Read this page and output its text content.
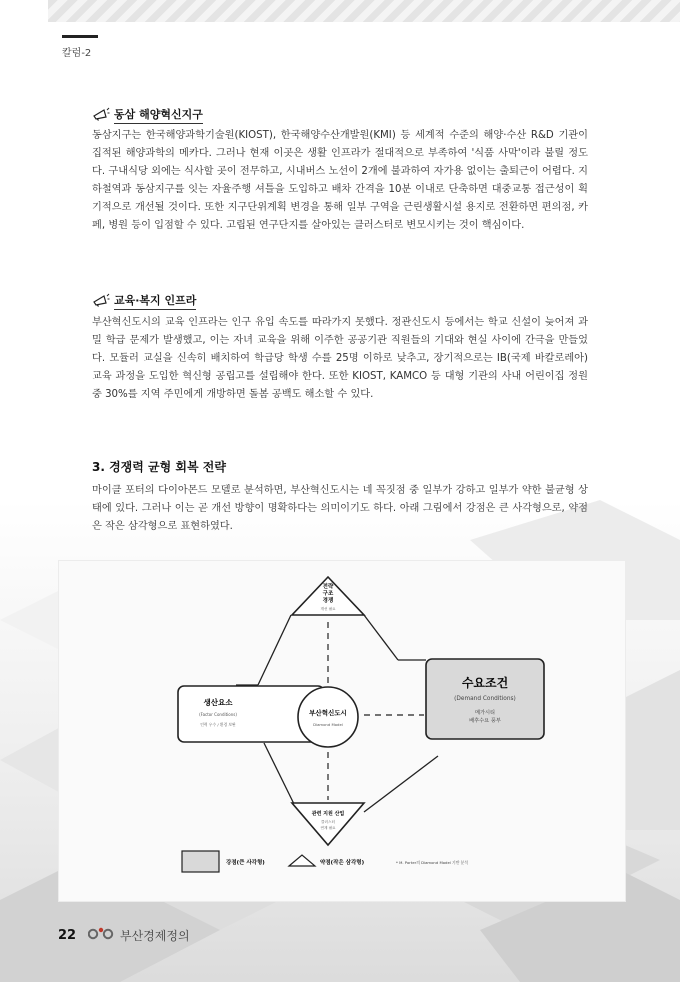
칼럼-2
동삼 해양혁신지구

동삼지구는 한국해양과학기술원(KIOST), 한국해양수산개발원(KMI) 등 세계적 수준의 해양·수산 R&D 기관이 집적된 해양과학의 메카다. 그러나 현재 이곳은 생활 인프라가 절대적으로 부족하여 '식품 사막'이라 불릴 정도다. 구내식당 외에는 식사할 곳이 전무하고, 시내버스 노선이 2개에 불과하여 자가용 없이는 출퇴근이 어렵다. 지하철역과 동삼지구를 잇는 자율주행 셔틀을 도입하고 배차 간격을 10분 이내로 단축하면 대중교통 접근성이 획기적으로 개선될 것이다. 또한 지구단위계획 변경을 통해 일부 구역을 근린생활시설 용지로 전환하면 편의점, 카페, 병원 등이 입점할 수 있다. 고립된 연구단지를 살아있는 클러스터로 변모시키는 것이 핵심이다.

교육·복지 인프라

부산혁신도시의 교육 인프라는 인구 유입 속도를 따라가지 못했다. 정관신도시 등에서는 학교 신설이 늦어져 과밀 학급 문제가 발생했고, 이는 자녀 교육을 위해 이주한 공공기관 직원들의 기대와 현실 사이에 간극을 만들었다. 모듈러 교실을 신속히 배치하여 학급당 학생 수를 25명 이하로 낮추고, 장기적으로는 IB(국제 바칼로레아) 교육 과정을 도입한 혁신형 공립고를 설립해야 한다. 또한 KIOST, KAMCO 등 대형 기관의 사내 어린이집 정원 중 30%를 지역 주민에게 개방하면 돌봄 공백도 해소할 수 있다.

3. 경쟁력 균형 회복 전략

마이클 포터의 다이아몬드 모델로 분석하면, 부산혁신도시는 네 꼭짓점 중 일부가 강하고 일부가 약한 불균형 상태에 있다. 그러나 이는 곧 개선 방향이 명확하다는 의미이기도 하다. 아래 그림에서 강점은 큰 사각형으로, 약점은 작은 삼각형으로 표현하였다.

전략
구조
경쟁
개선 필요
생산요소
(Factor Conditions)
인력 우수 / 환경 보완
부산혁신도시
Diamond Model
수요조건
(Demand Conditions)
메가시티
배후수요 풍부
관련 지원 산업
클러스터
연계 필요
강점(큰 사각형)	약점(작은 삼각형)	* M. Porter의 Diamond Model 기반 분석
22	부산경제정의
